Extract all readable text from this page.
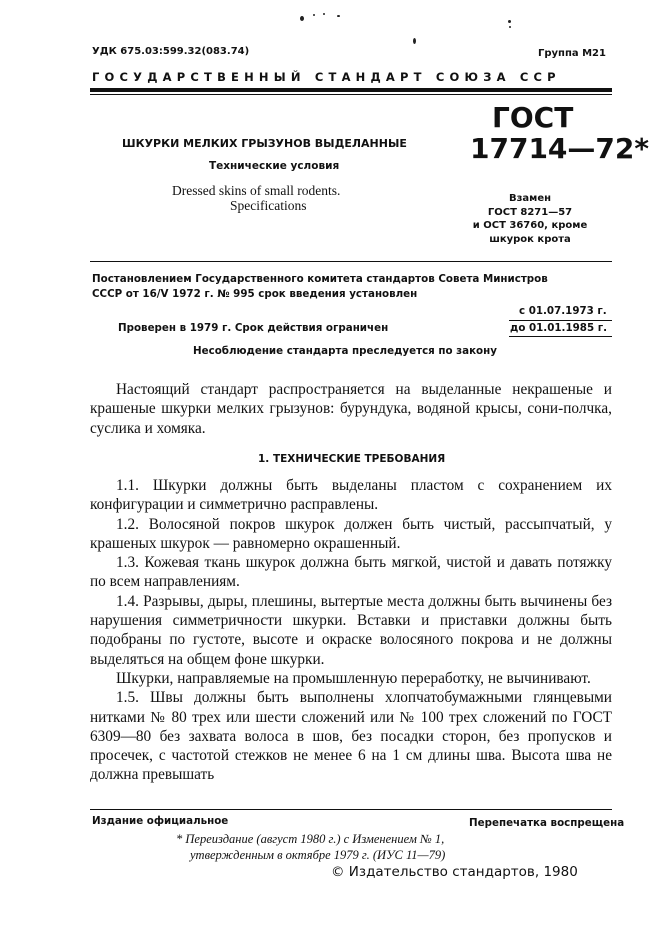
УДК 675.03:599.32(083.74)	Группа М21
ГОСУДАРСТВЕННЫЙ СТАНДАРТ СОЮЗА ССР
ШКУРКИ МЕЛКИХ ГРЫЗУНОВ ВЫДЕЛАННЫЕ
Технические условия
Dressed skins of small rodents.
Specifications
ГОСТ
17714—72*
Взамен
ГОСТ 8271—57
и ОСТ 36760, кроме
шкурок крота
Постановлением Государственного комитета стандартов Совета Министров
СССР от 16/V 1972 г. № 995 срок введения установлен
с 01.07.1973 г.
Проверен в 1979 г. Срок действия ограничен	до 01.01.1985 г.
Несоблюдение стандарта преследуется по закону

Настоящий стандарт распространяется на выделанные некрашеные и крашеные шкурки мелких грызунов: бурундука, водяной крысы, сони-полчка, суслика и хомяка.

1. ТЕХНИЧЕСКИЕ ТРЕБОВАНИЯ

1.1. Шкурки должны быть выделаны пластом с сохранением их конфигурации и симметрично расправлены.

1.2. Волосяной покров шкурок должен быть чистый, рассыпчатый, у крашеных шкурок — равномерно окрашенный.

1.3. Кожевая ткань шкурок должна быть мягкой, чистой и давать потяжку по всем направлениям.

1.4. Разрывы, дыры, плешины, вытертые места должны быть вычинены без нарушения симметричности шкурки. Вставки и приставки должны быть подобраны по густоте, высоте и окраске волосяного покрова и не должны выделяться на общем фоне шкурки.

Шкурки, направляемые на промышленную переработку, не вычинивают.

1.5. Швы должны быть выполнены хлопчатобумажными глянцевыми нитками № 80 трех или шести сложений или № 100 трех сложений по ГОСТ 6309—80 без захвата волоса в шов, без посадки сторон, без пропусков и просечек, с частотой стежков не менее 6 на 1 см длины шва. Высота шва не должна превышать

Издание официальное	Перепечатка воспрещена
* Переиздание (август 1980 г.) с Изменением № 1,
утвержденным в октябре 1979 г. (ИУС 11—79)
© Издательство стандартов, 1980
